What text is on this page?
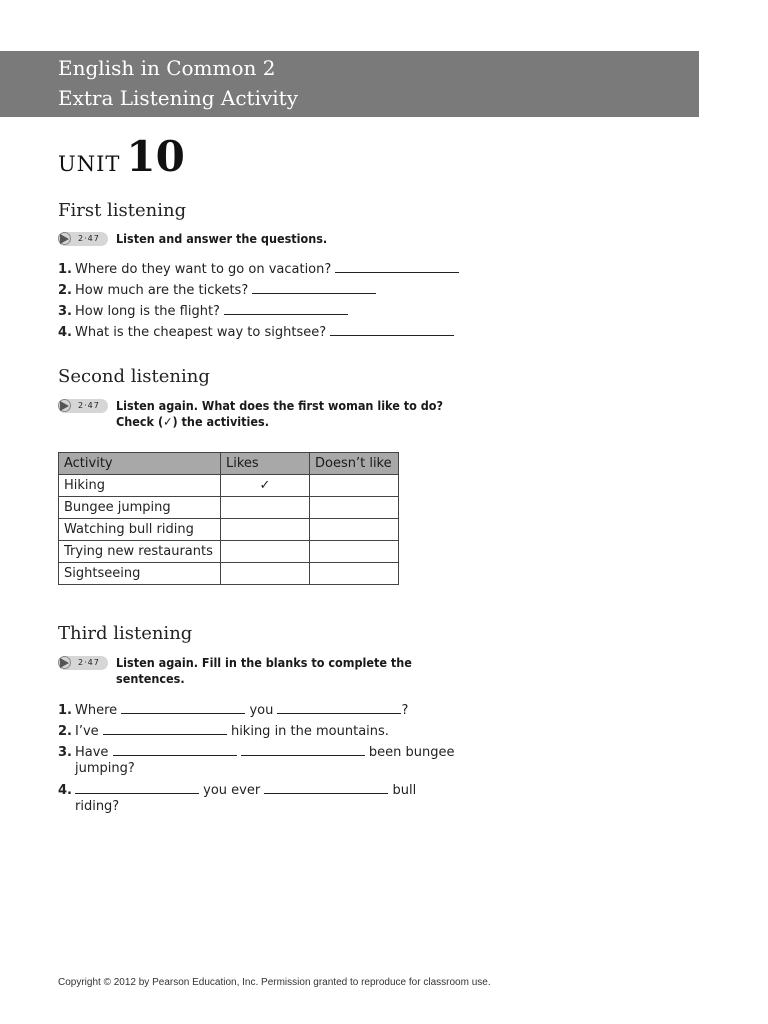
English in Common 2
Extra Listening Activity
UNIT 10
First listening
2·47 Listen and answer the questions.
1. Where do they want to go on vacation?
2. How much are the tickets?
3. How long is the flight?
4. What is the cheapest way to sightsee?
Second listening
2·47 Listen again. What does the first woman like to do?
Check (✓) the activities.
Activity	Likes	Doesn’t like
Hiking	✓	
Bungee jumping		
Watching bull riding		
Trying new restaurants		
Sightseeing		
Third listening
2·47 Listen again. Fill in the blanks to complete the
sentences.
1. Where	you	?
2. I’ve	hiking in the mountains.
3. Have	been bungee
jumping?
4.	you ever	bull
riding?
Copyright © 2012 by Pearson Education, Inc. Permission granted to reproduce for classroom use.
